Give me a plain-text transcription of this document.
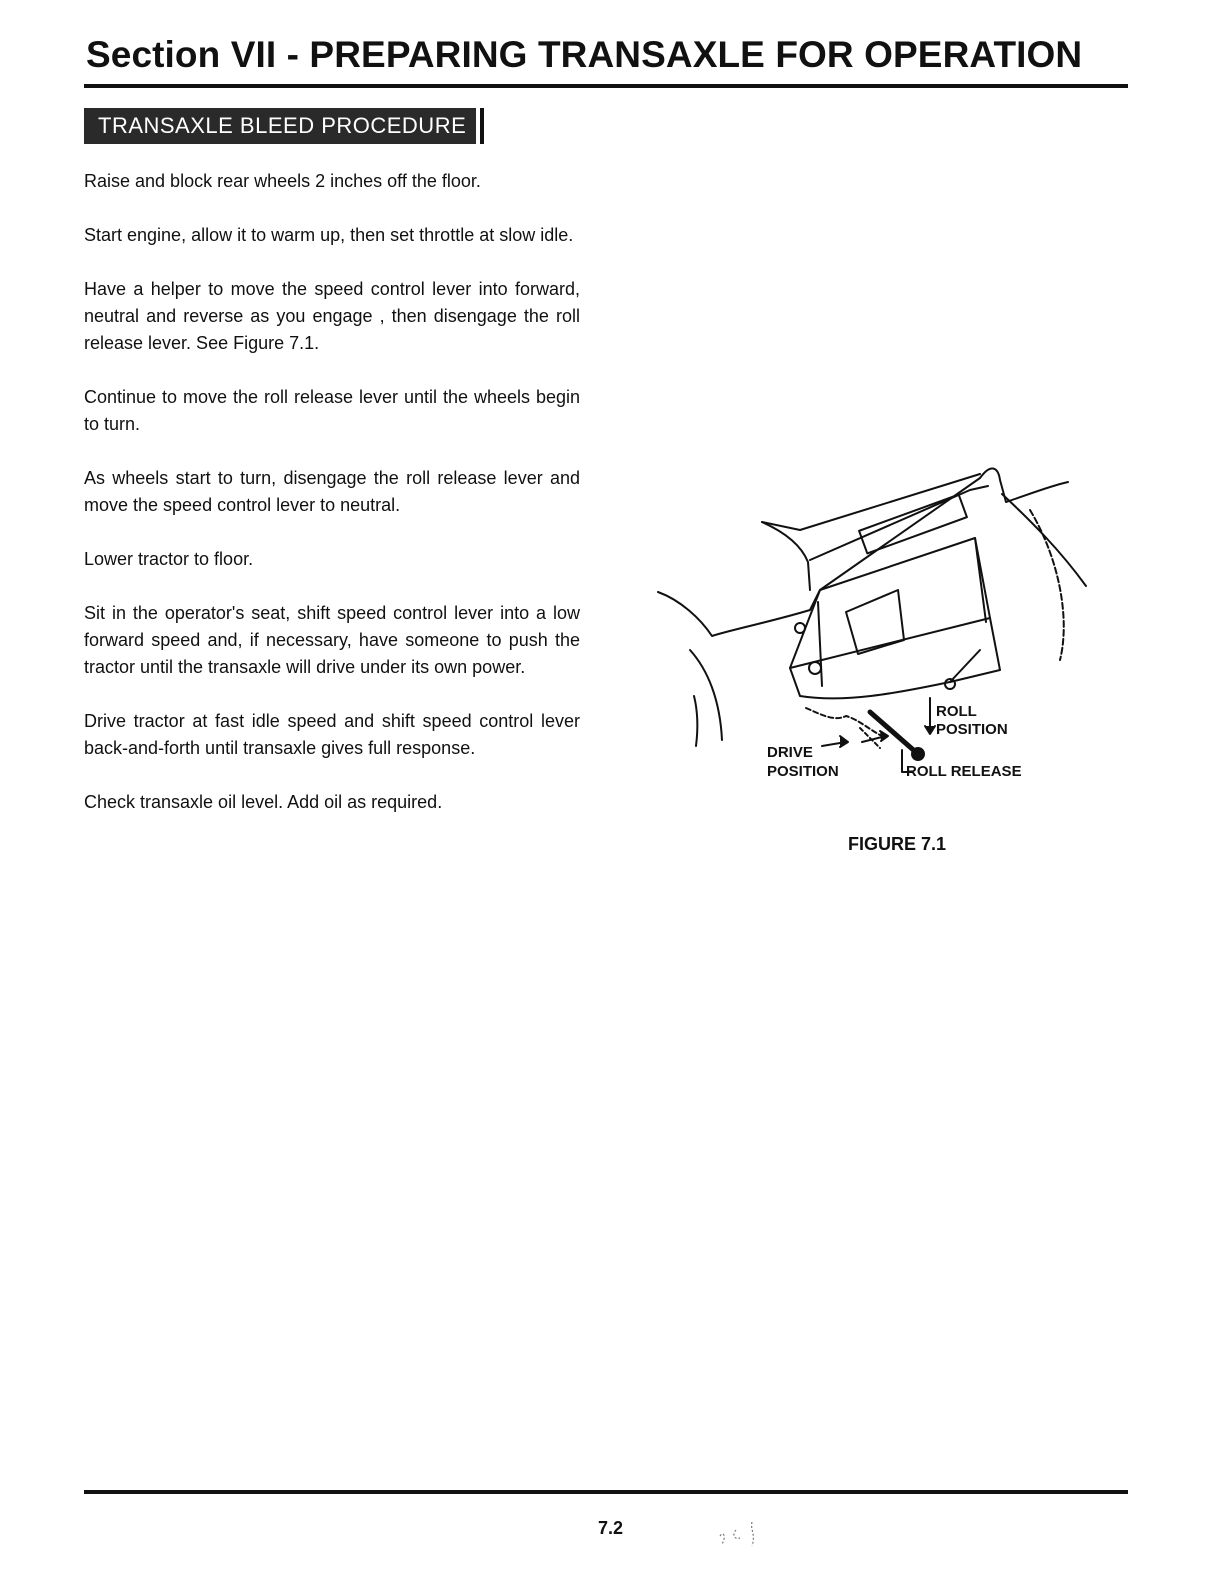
Section VII - PREPARING TRANSAXLE FOR OPERATION
TRANSAXLE BLEED PROCEDURE

Raise and block rear wheels 2 inches off the floor.

Start engine, allow it to warm up, then set throttle at slow idle.

Have a helper to move the speed control lever into forward, neutral and reverse as you engage , then disengage the roll release lever. See Figure 7.1.

Continue to move the roll release lever until the wheels begin to turn.

As wheels start to turn, disengage the roll release lever and move the speed control lever to neutral.

Lower tractor to floor.

Sit in the operator's seat, shift speed control lever into a low forward speed and, if necessary, have someone to push the tractor until the transaxle will drive under its own power.

Drive tractor at fast idle speed and shift speed control lever back-and-forth until transaxle gives full response.

Check transaxle oil level. Add oil as required.

ROLL
POSITION
DRIVE
POSITION	ROLL RELEASE

FIGURE 7.1

7.2
